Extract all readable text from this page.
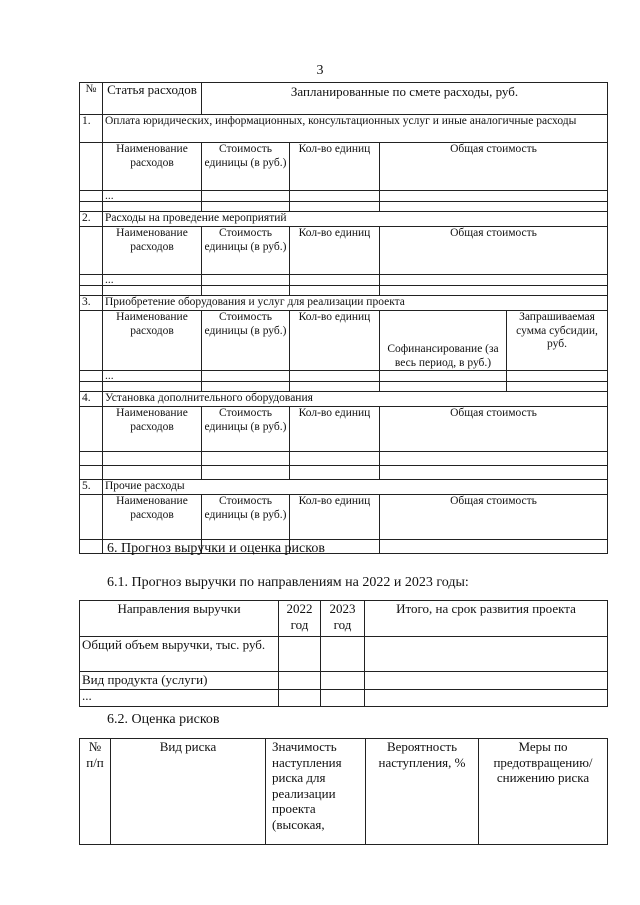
3
№	Статья расходов	Запланированные по смете расходы, руб.			
1.	Оплата юридических, информационных, консультационных услуг и иные аналогичные расходы				
	Наименование расходов	Стоимость единицы (в руб.)	Кол-во единиц	Общая стоимость	
	...				

2.	Расходы на проведение мероприятий				
	Наименование расходов	Стоимость единицы (в руб.)	Кол-во единиц	Общая стоимость	
	...				

3.	Приобретение оборудования и услуг для реализации проекта				
	Наименование расходов	Стоимость единицы (в руб.)	Кол-во единиц	Софинансирование (за весь период, в руб.)	Запрашиваемая сумма субсидии, руб.
	...				

4.	Установка дополнительного оборудования				
	Наименование расходов	Стоимость единицы (в руб.)	Кол-во единиц	Общая стоимость	

5.	Прочие расходы				
	Наименование расходов	Стоимость единицы (в руб.)	Кол-во единиц	Общая стоимость	

6. Прогноз выручки и оценка рисков
6.1. Прогноз выручки по направлениям на 2022 и 2023 годы:
Направления выручки	2022 год	2023 год	Итого, на срок развития проекта
Общий объем выручки, тыс. руб.			
Вид продукта (услуги)			
...			
6.2. Оценка рисков
№ п/п	Вид риска	Значимость наступления риска для реализации проекта (высокая,	Вероятность наступления, %	Меры по предотвращению/ снижению риска
